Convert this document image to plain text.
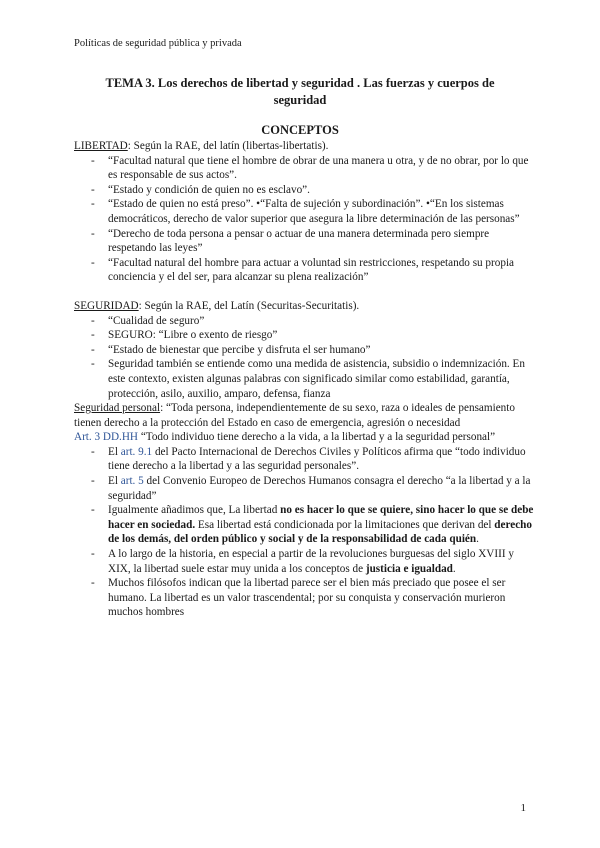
Políticas de seguridad pública y privada
TEMA 3. Los derechos de libertad y seguridad . Las fuerzas y cuerpos de seguridad
CONCEPTOS

LIBERTAD: Según la RAE, del latín (libertas-libertatis).

- “Facultad natural que tiene el hombre de obrar de una manera u otra, y de no obrar, por lo que es responsable de sus actos”.
- “Estado y condición de quien no es esclavo”.
- “Estado de quien no está preso”. •“Falta de sujeción y subordinación”. •“En los sistemas democráticos, derecho de valor superior que asegura la libre determinación de las personas”
- “Derecho de toda persona a pensar o actuar de una manera determinada pero siempre respetando las leyes”
- “Facultad natural del hombre para actuar a voluntad sin restricciones, respetando su propia conciencia y el del ser, para alcanzar su plena realización”

SEGURIDAD: Según la RAE, del Latín (Securitas-Securitatis).

- “Cualidad de seguro”
- SEGURO: “Libre o exento de riesgo”
- “Estado de bienestar que percibe y disfruta el ser humano”
- Seguridad también se entiende como una medida de asistencia, subsidio o indemnización. En este contexto, existen algunas palabras con significado similar como estabilidad, garantía, protección, asilo, auxilio, amparo, defensa, fianza

Seguridad personal: “Toda persona, independientemente de su sexo, raza o ideales de pensamiento tienen derecho a la protección del Estado en caso de emergencia, agresión o necesidad

Art. 3 DD.HH “Todo individuo tiene derecho a la vida, a la libertad y a la seguridad personal”

- El art. 9.1 del Pacto Internacional de Derechos Civiles y Políticos afirma que “todo individuo tiene derecho a la libertad y a las seguridad personales”.
- El art. 5 del Convenio Europeo de Derechos Humanos consagra el derecho “a la libertad y a la seguridad”
- Igualmente añadimos que, La libertad no es hacer lo que se quiere, sino hacer lo que se debe hacer en sociedad. Esa libertad está condicionada por la limitaciones que derivan del derecho de los demás, del orden público y social y de la responsabilidad de cada quién.
- A lo largo de la historia, en especial a partir de la revoluciones burguesas del siglo XVIII y XIX, la libertad suele estar muy unida a los conceptos de justicia e igualdad.
- Muchos filósofos indican que la libertad parece ser el bien más preciado que posee el ser humano. La libertad es un valor trascendental; por su conquista y conservación murieron muchos hombres
1
